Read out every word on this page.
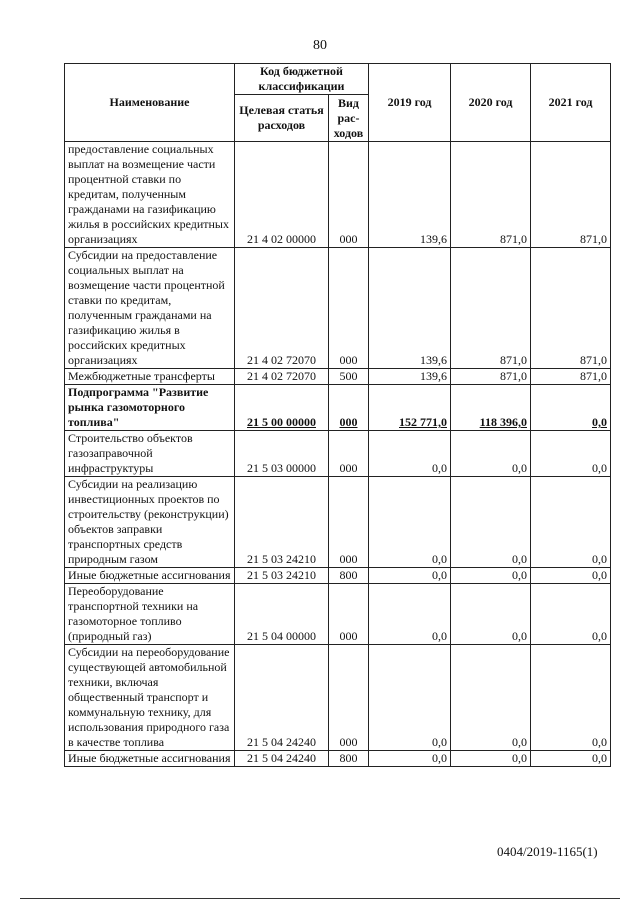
80
Наименование	Код бюджетной классификации		2019 год	2020 год	2021 год
	Целевая статья расходов	Вид рас-ходов			
предоставление социальных выплат на возмещение части процентной ставки по кредитам, полученным гражданами на газификацию жилья в российских кредитных организациях	21 4 02 00000	000	139,6	871,0	871,0
Субсидии на предоставление социальных выплат на возмещение части процентной ставки по кредитам, полученным гражданами на газификацию жилья в российских кредитных организациях	21 4 02 72070	000	139,6	871,0	871,0
Межбюджетные трансферты	21 4 02 72070	500	139,6	871,0	871,0
Подпрограмма "Развитие рынка газомоторного топлива"	21 5 00 00000	000	152 771,0	118 396,0	0,0
Строительство объектов газозаправочной инфраструктуры	21 5 03 00000	000	0,0	0,0	0,0
Субсидии на реализацию инвестиционных проектов по строительству (реконструкции) объектов заправки транспортных средств природным газом	21 5 03 24210	000	0,0	0,0	0,0
Иные бюджетные ассигнования	21 5 03 24210	800	0,0	0,0	0,0
Переоборудование транспортной техники на газомоторное топливо (природный газ)	21 5 04 00000	000	0,0	0,0	0,0
Субсидии на переоборудование существующей автомобильной техники, включая общественный транспорт и коммунальную технику, для использования природного газа в качестве топлива	21 5 04 24240	000	0,0	0,0	0,0
Иные бюджетные ассигнования	21 5 04 24240	800	0,0	0,0	0,0
0404/2019-1165(1)
